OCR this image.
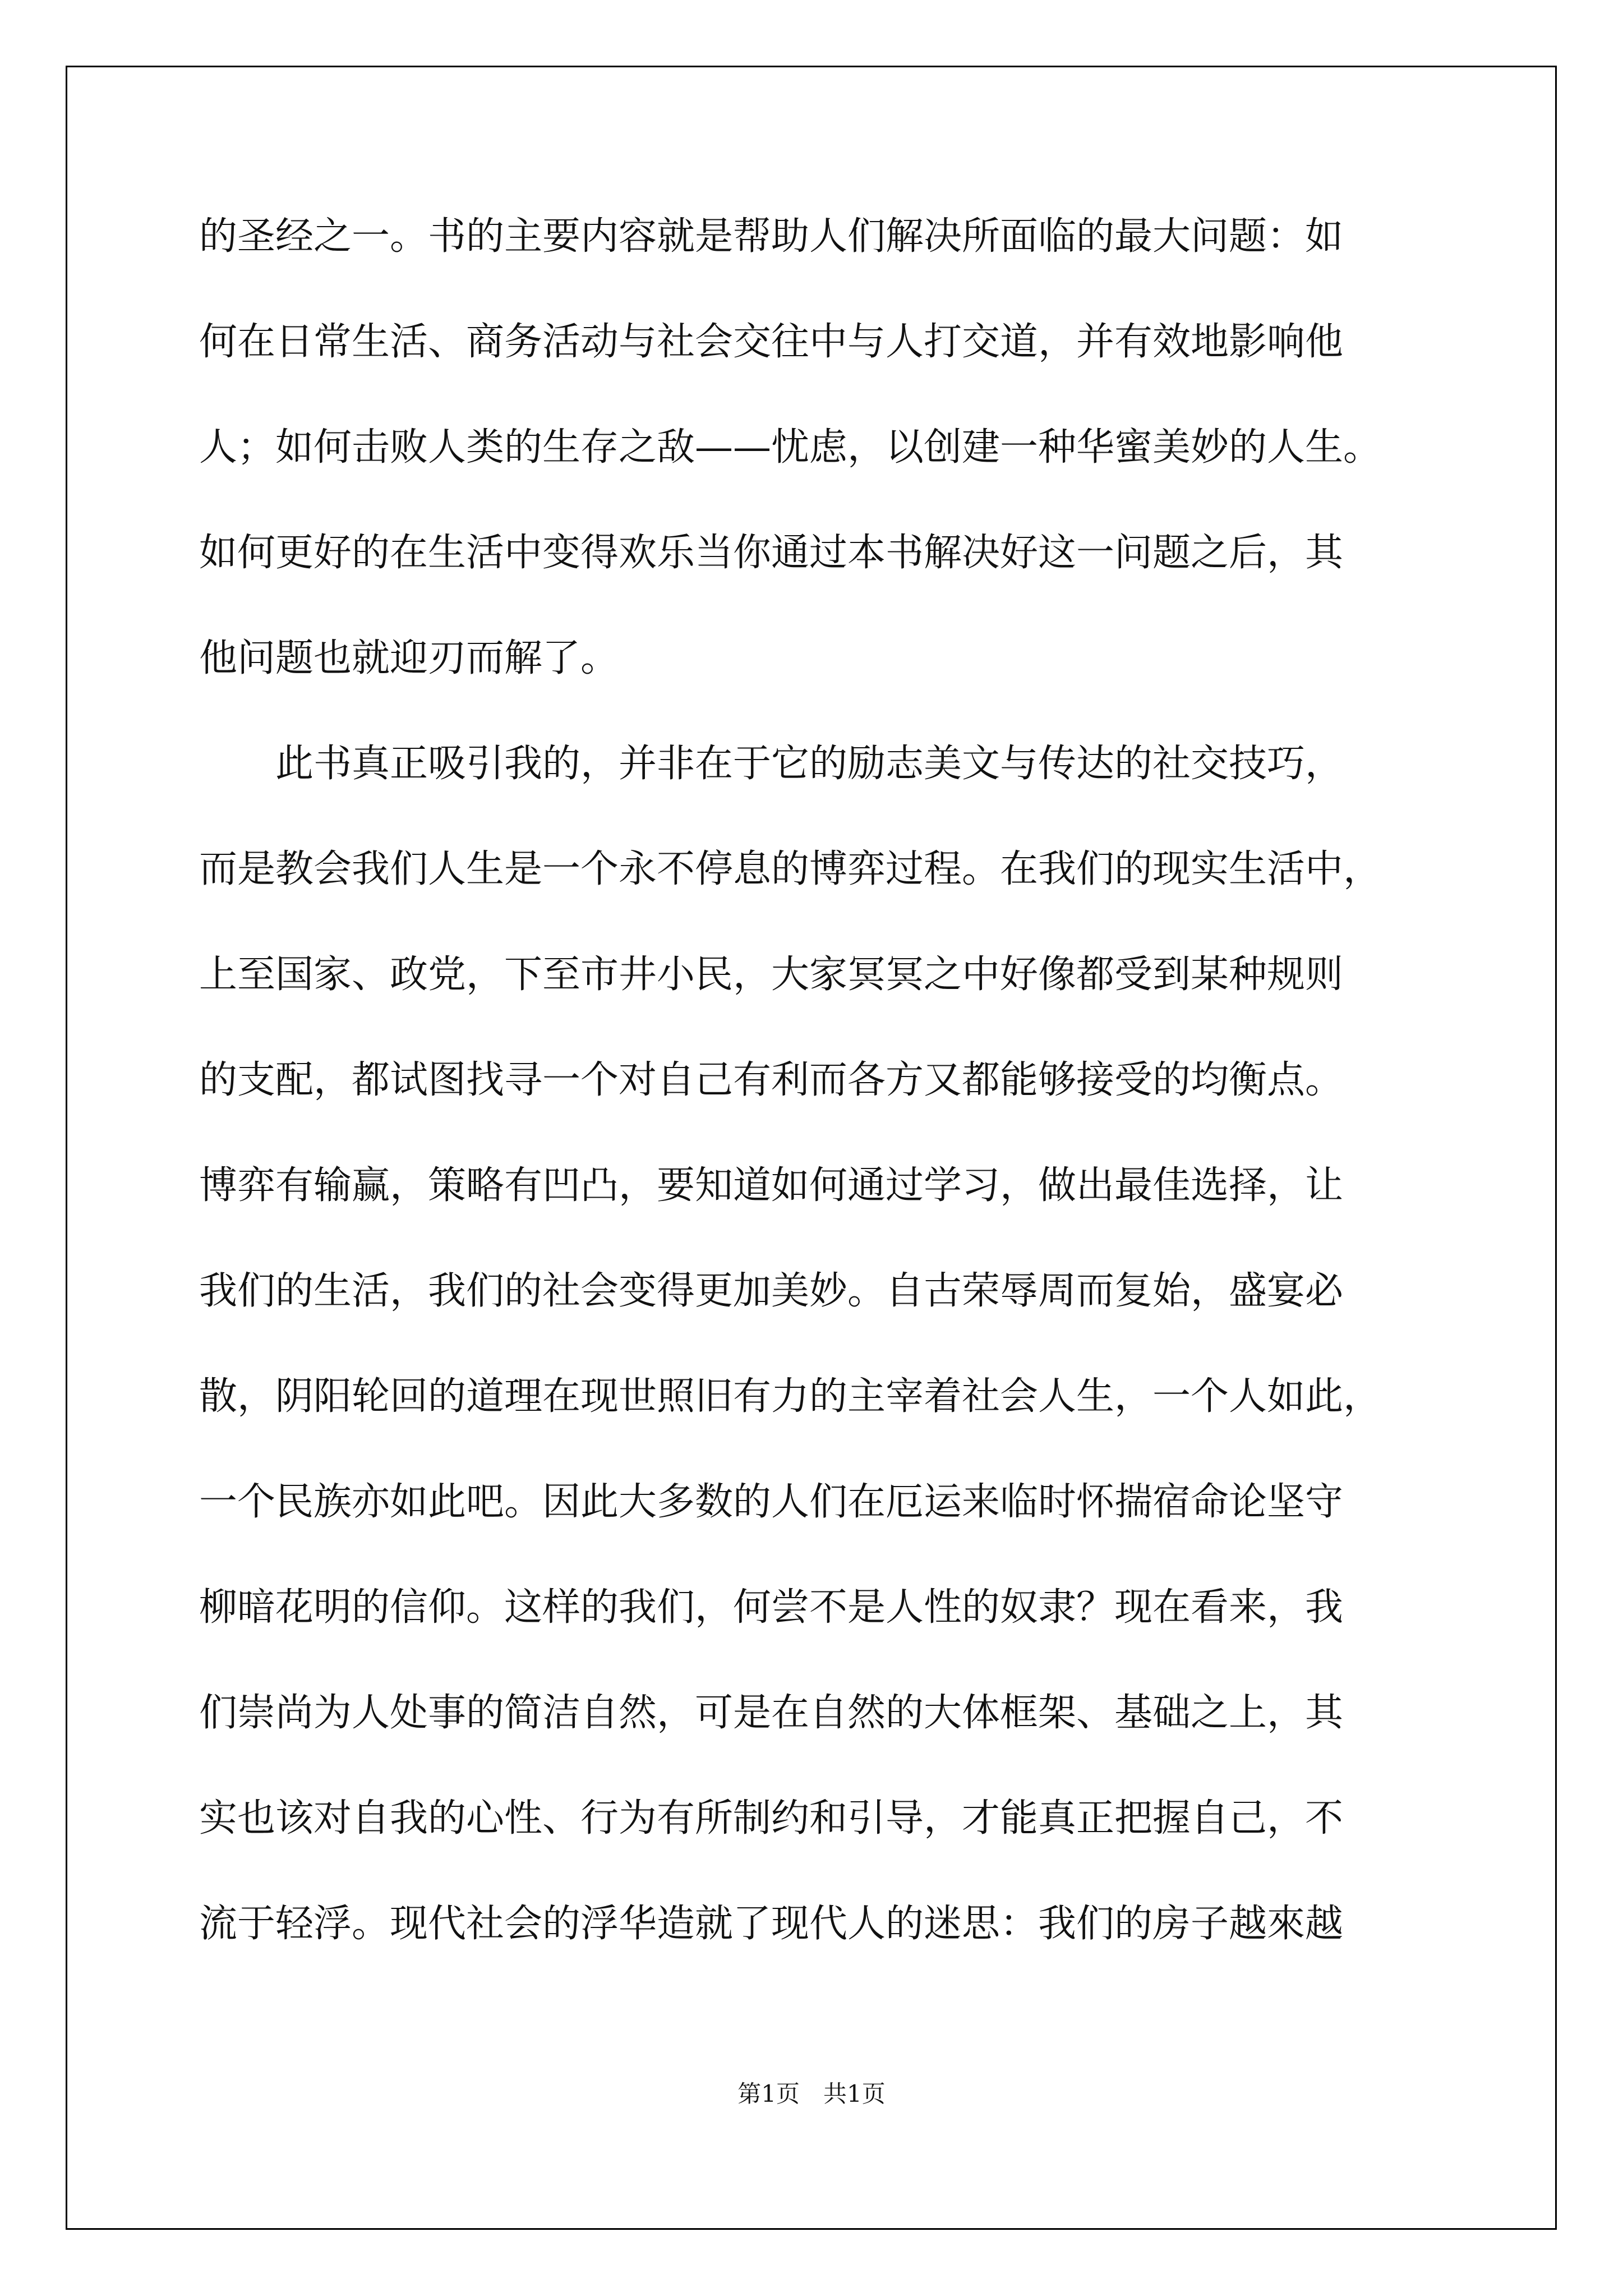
的圣经之一。书的主要内容就是帮助人们解决所面临的最大问题：如
何在日常生活、商务活动与社会交往中与人打交道，并有效地影响他
人；如何击败人类的生存之敌——忧虑，以创建一种华蜜美妙的人生。
如何更好的在生活中变得欢乐当你通过本书解决好这一问题之后，其
他问题也就迎刃而解了。
此书真正吸引我的，并非在于它的励志美文与传达的社交技巧，
而是教会我们人生是一个永不停息的博弈过程。在我们的现实生活中，
上至国家、政党，下至市井小民，大家冥冥之中好像都受到某种规则
的支配，都试图找寻一个对自己有利而各方又都能够接受的均衡点。
博弈有输赢，策略有凹凸，要知道如何通过学习，做出最佳选择，让
我们的生活，我们的社会变得更加美妙。自古荣辱周而复始，盛宴必
散，阴阳轮回的道理在现世照旧有力的主宰着社会人生，一个人如此，
一个民族亦如此吧。因此大多数的人们在厄运来临时怀揣宿命论坚守
柳暗花明的信仰。这样的我们，何尝不是人性的奴隶？现在看来，我
们崇尚为人处事的简洁自然，可是在自然的大体框架、基础之上，其
实也该对自我的心性、行为有所制约和引导，才能真正把握自己，不
流于轻浮。现代社会的浮华造就了现代人的迷思：我们的房子越來越
第1页　共1页
